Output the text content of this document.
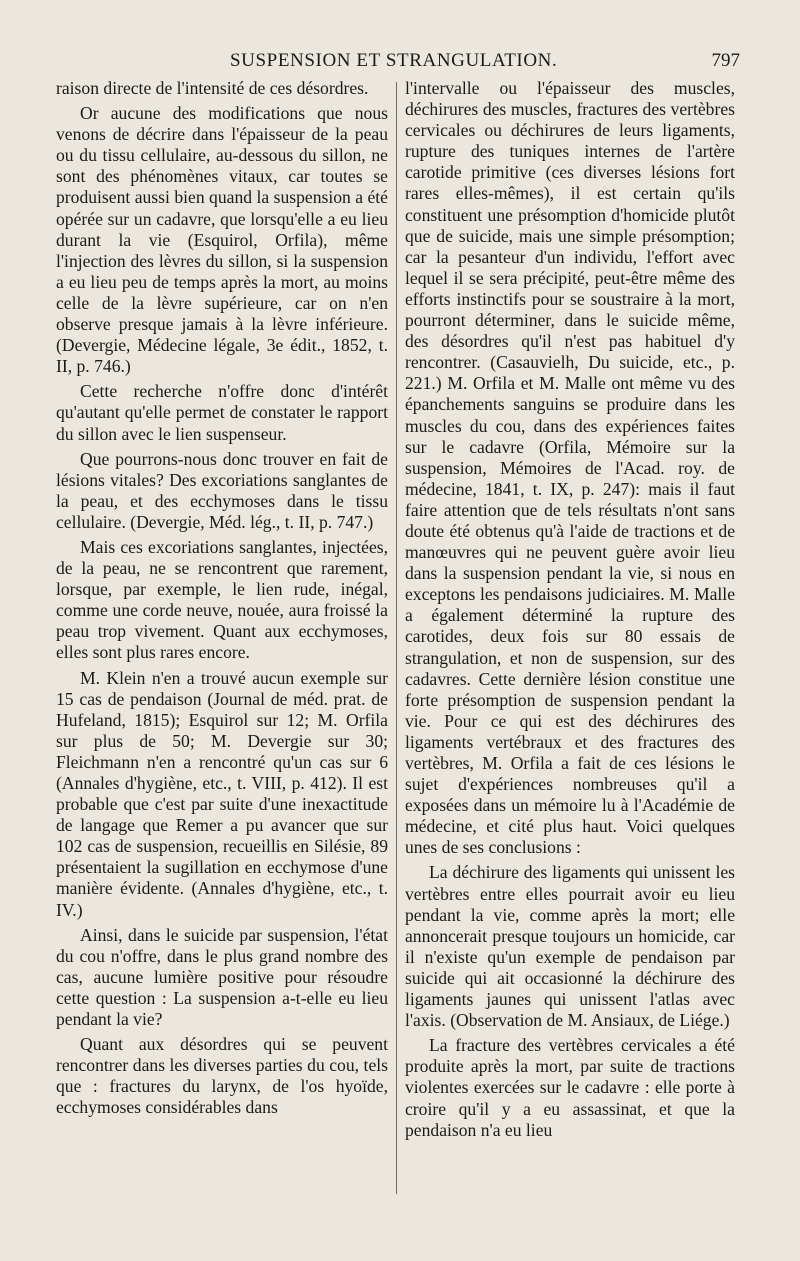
SUSPENSION ET STRANGULATION.	797

raison directe de l'intensité de ces désordres.

Or aucune des modifications que nous venons de décrire dans l'épaisseur de la peau ou du tissu cellulaire, au-dessous du sillon, ne sont des phénomènes vitaux, car toutes se produisent aussi bien quand la suspension a été opérée sur un cadavre, que lorsqu'elle a eu lieu durant la vie (Esquirol, Orfila), même l'injection des lèvres du sillon, si la suspension a eu lieu peu de temps après la mort, au moins celle de la lèvre supérieure, car on n'en observe presque jamais à la lèvre inférieure. (Devergie, Médecine légale, 3e édit., 1852, t. II, p. 746.)

Cette recherche n'offre donc d'intérêt qu'autant qu'elle permet de constater le rapport du sillon avec le lien suspenseur.

Que pourrons-nous donc trouver en fait de lésions vitales? Des excoriations sanglantes de la peau, et des ecchymoses dans le tissu cellulaire. (Devergie, Méd. lég., t. II, p. 747.)

Mais ces excoriations sanglantes, injectées, de la peau, ne se rencontrent que rarement, lorsque, par exemple, le lien rude, inégal, comme une corde neuve, nouée, aura froissé la peau trop vivement. Quant aux ecchymoses, elles sont plus rares encore.

M. Klein n'en a trouvé aucun exemple sur 15 cas de pendaison (Journal de méd. prat. de Hufeland, 1815); Esquirol sur 12; M. Orfila sur plus de 50; M. Devergie sur 30; Fleichmann n'en a rencontré qu'un cas sur 6 (Annales d'hygiène, etc., t. VIII, p. 412). Il est probable que c'est par suite d'une inexactitude de langage que Remer a pu avancer que sur 102 cas de suspension, recueillis en Silésie, 89 présentaient la sugillation en ecchymose d'une manière évidente. (Annales d'hygiène, etc., t. IV.)

Ainsi, dans le suicide par suspension, l'état du cou n'offre, dans le plus grand nombre des cas, aucune lumière positive pour résoudre cette question : La suspension a-t-elle eu lieu pendant la vie?

Quant aux désordres qui se peuvent rencontrer dans les diverses parties du cou, tels que : fractures du larynx, de l'os hyoïde, ecchymoses considérables dans

l'intervalle ou l'épaisseur des muscles, déchirures des muscles, fractures des vertèbres cervicales ou déchirures de leurs ligaments, rupture des tuniques internes de l'artère carotide primitive (ces diverses lésions fort rares elles-mêmes), il est certain qu'ils constituent une présomption d'homicide plutôt que de suicide, mais une simple présomption; car la pesanteur d'un individu, l'effort avec lequel il se sera précipité, peut-être même des efforts instinctifs pour se soustraire à la mort, pourront déterminer, dans le suicide même, des désordres qu'il n'est pas habituel d'y rencontrer. (Casauvielh, Du suicide, etc., p. 221.) M. Orfila et M. Malle ont même vu des épanchements sanguins se produire dans les muscles du cou, dans des expériences faites sur le cadavre (Orfila, Mémoire sur la suspension, Mémoires de l'Acad. roy. de médecine, 1841, t. IX, p. 247): mais il faut faire attention que de tels résultats n'ont sans doute été obtenus qu'à l'aide de tractions et de manœuvres qui ne peuvent guère avoir lieu dans la suspension pendant la vie, si nous en exceptons les pendaisons judiciaires. M. Malle a également déterminé la rupture des carotides, deux fois sur 80 essais de strangulation, et non de suspension, sur des cadavres. Cette dernière lésion constitue une forte présomption de suspension pendant la vie. Pour ce qui est des déchirures des ligaments vertébraux et des fractures des vertèbres, M. Orfila a fait de ces lésions le sujet d'expériences nombreuses qu'il a exposées dans un mémoire lu à l'Académie de médecine, et cité plus haut. Voici quelques unes de ses conclusions :

La déchirure des ligaments qui unissent les vertèbres entre elles pourrait avoir eu lieu pendant la vie, comme après la mort; elle annoncerait presque toujours un homicide, car il n'existe qu'un exemple de pendaison par suicide qui ait occasionné la déchirure des ligaments jaunes qui unissent l'atlas avec l'axis. (Observation de M. Ansiaux, de Liége.)

La fracture des vertèbres cervicales a été produite après la mort, par suite de tractions violentes exercées sur le cadavre : elle porte à croire qu'il y a eu assassinat, et que la pendaison n'a eu lieu
